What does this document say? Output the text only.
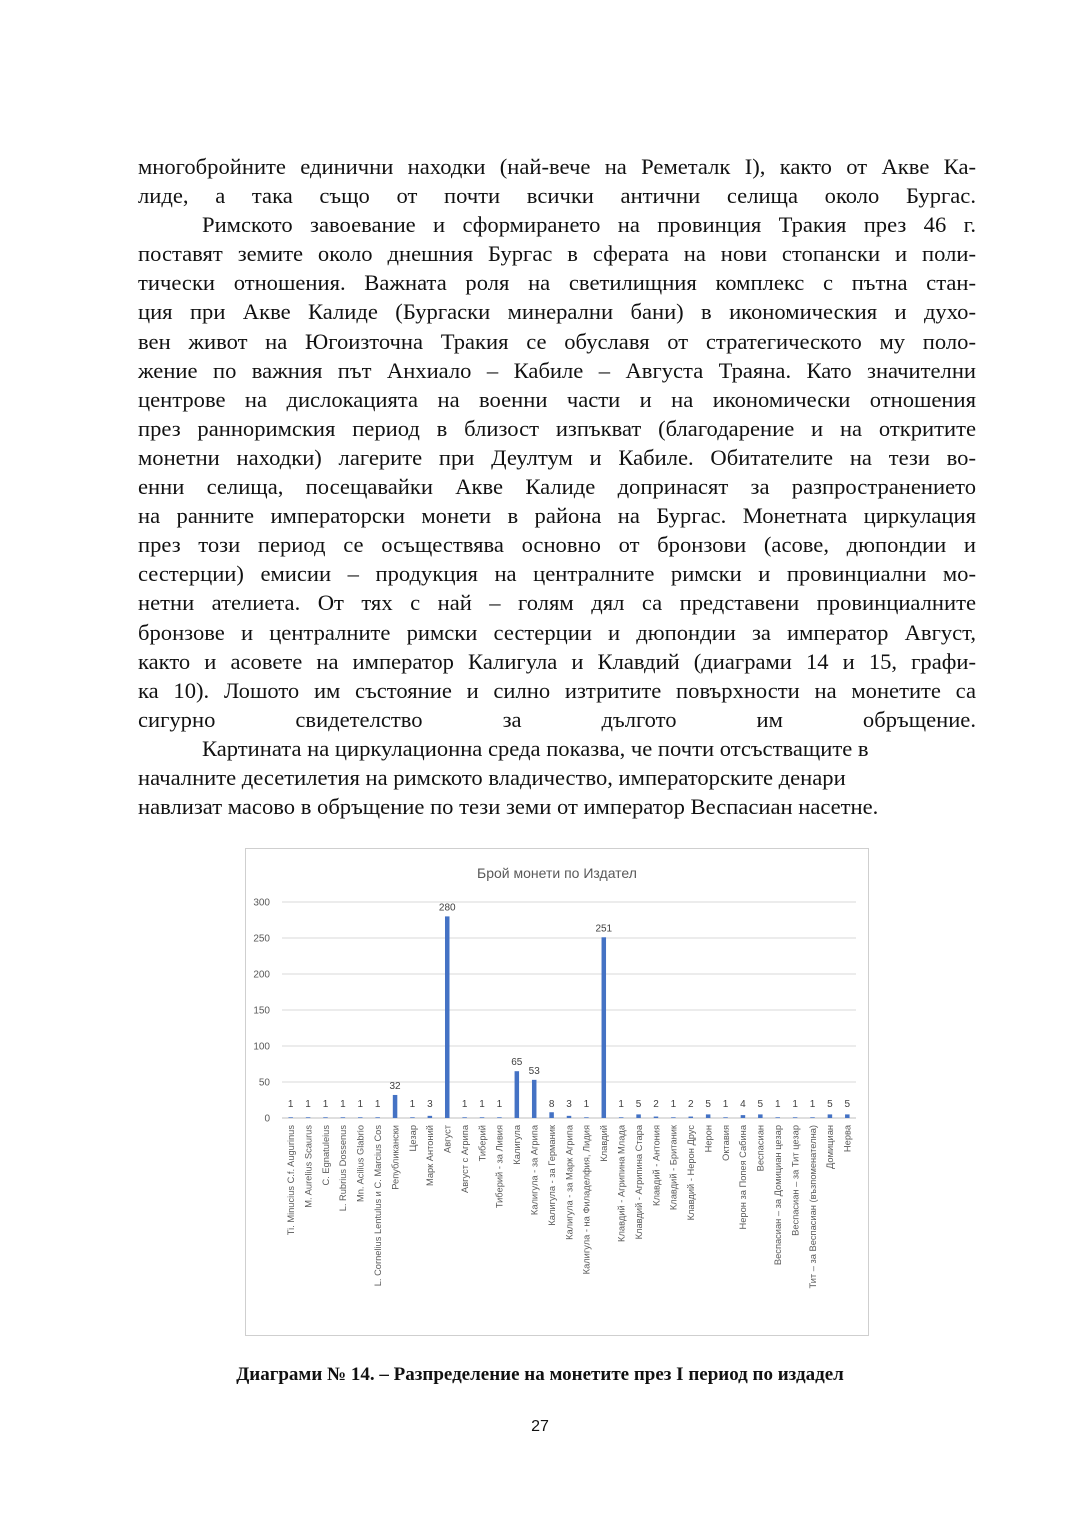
многобройните единични находки (най-вече на Реметалк I), както от Акве Ка-
лиде, а така също от почти всички антични селища около Бургас.

Римското завоевание и сформирането на провинция Тракия през 46 г.
поставят земите около днешния Бургас в сферата на нови стопански и поли-
тически отношения. Важната роля на светилищния комплекс с пътна стан-
ция при Акве Калиде (Бургаски минерални бани) в икономическия и духо-
вен живот на Югоизточна Тракия се обуславя от стратегическото му поло-
жение по важния път Анхиало – Кабиле – Августа Траяна. Като значителни
центрове на дислокацията на военни части и на икономически отношения
през ранноримския период в близост изпъкват (благодарение и на откритите
монетни находки) лагерите при Деултум и Кабиле. Обитателите на тези во-
енни селища, посещавайки Акве Калиде допринасят за разпространението
на ранните императорски монети в района на Бургас. Монетната циркулация
през този период се осъществява основно от бронзови (асове, дюпондии и
сестерции) емисии – продукция на централните римски и провинциални мо-
нетни ателиета. От тях с най – голям дял са представени провинциалните
бронзове и централните римски сестерции и дюпондии за император Август,
както и асовете на император Калигула и Клавдий (диаграми 14 и 15, графи-
ка 10). Лошото им състояние и силно изтритите повърхности на монетите са
сигурно свидетелство за дългото им обръщение.

Картината на циркулационна среда показва, че почти отсъстващите в
началните десетилетия на римското владичество, императорските денари
навлизат масово в обръщение по тези земи от император Веспасиан насетне.

Брой монети по Издател
0
50
100
150
200
250
300
1
Ti. Minucius C.f. Augurinus
1
M. Aurelius Scaurus
1
C. Egnatuleius
1
L. Rubrius Dossenus
1
Mn. Acilius Glabrio
1
L. Cornelius Lentulus и C. Marcius Cos
32
Републикански
1
Цезар
3
Марк Антоний
280
Август
1
Август с Агрипа
1
Тиберий
1
Тиберий - за Ливия
65
Калигула
53
Калигула - за Агрипа
8
Калигула - за Германик
3
Калигула - за Марк Агрипа
1
Калигула - на Филаделфия, Лидия
251
Клавдий
1
Клавдий - Агрипина Млада
5
Клавдий - Агрипина Стара
2
Клавдий - Антония
1
Клавдий - Британик
2
Клавдий - Нерон Друс
5
Нерон
1
Октавия
4
Нерон за Попея Сабина
5
Веспасиан
1
Веспасиан – за Домициан цезар
1
Веспасиан – за Тит цезар
1
Тит – за Веспасиан (възпоменателна)
5
Домициан
5
Нерва
Диаграми № 14. – Разпределение на монетите през I период по издадел
27
